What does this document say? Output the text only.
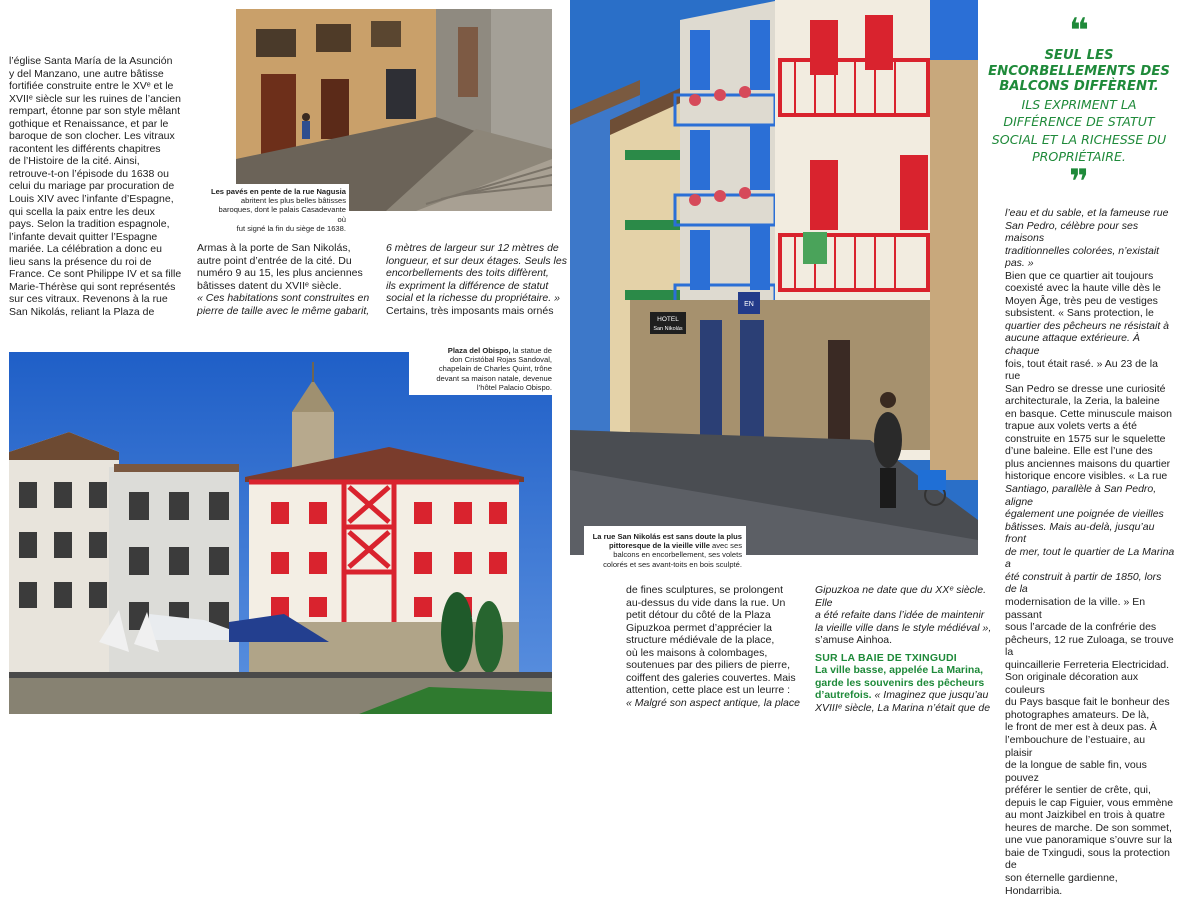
Les pavés en pente de la rue Nagusia
abritent les plus belles bâtisses
baroques, dont le palais Casadevante où
fut signé la fin du siège de 1638.

l’église Santa María de la Asunción

y del Manzano, une autre bâtisse

fortifiée construite entre le XVᵉ et le

XVIIᵉ siècle sur les ruines de l’ancien

rempart, étonne par son style mêlant

gothique et Renaissance, et par le

baroque de son clocher. Les vitraux

racontent les différents chapitres

de l’Histoire de la cité. Ainsi,

retrouve-t-on l’épisode du 1638 ou

celui du mariage par procuration de

Louis XIV avec l’infante d’Espagne,

qui scella la paix entre les deux

pays. Selon la tradition espagnole,

l’infante devait quitter l’Espagne

mariée. La célébration a donc eu

lieu sans la présence du roi de

France. Ce sont Philippe IV et sa fille

Marie-Thérèse qui sont représentés

sur ces vitraux. Revenons à la rue

San Nikolás, reliant la Plaza de

Armas à la porte de San Nikolás,

autre point d’entrée de la cité. Du

numéro 9 au 15, les plus anciennes

bâtisses datent du XVIIᵉ siècle.

« Ces habitations sont construites en

pierre de taille avec le même gabarit,

6 mètres de largeur sur 12 mètres de

longueur, et sur deux étages. Seuls les

encorbellements des toits diffèrent,

ils expriment la différence de statut

social et la richesse du propriétaire. »

Certains, très imposants mais ornés

Plaza del Obispo, la statue de
don Cristóbal Rojas Sandoval,
chapelain de Charles Quint, trône
devant sa maison natale, devenue
l’hôtel Palacio Obispo.
HOTEL
San Nikolás
EN
La rue San Nikolás est sans doute la plus
pittoresque de la vieille ville avec ses
balcons en encorbellement, ses volets
colorés et ses avant-toits en bois sculpté.

de fines sculptures, se prolongent

au-dessus du vide dans la rue. Un

petit détour du côté de la Plaza

Gipuzkoa permet d’apprécier la

structure médiévale de la place,

où les maisons à colombages,

soutenues par des piliers de pierre,

coiffent des galeries couvertes. Mais

attention, cette place est un leurre :

« Malgré son aspect antique, la place

Gipuzkoa ne date que du XXᵉ siècle. Elle

a été refaite dans l’idée de maintenir

la vieille ville dans le style médiéval »,

s’amuse Ainhoa.

SUR LA BAIE DE TXINGUDI

La ville basse, appelée La Marina,

garde les souvenirs des pêcheurs

d’autrefois. « Imaginez que jusqu’au

XVIIIᵉ siècle, La Marina n’était que de

❝
SEUL LES
ENCORBELLEMENTS DES
BALCONS DIFFÈRENT.
ILS EXPRIMENT LA
DIFFÉRENCE DE STATUT
SOCIAL ET LA RICHESSE DU
PROPRIÉTAIRE.
❞

l’eau et du sable, et la fameuse rue

San Pedro, célèbre pour ses maisons

traditionnelles colorées, n’existait pas. »

Bien que ce quartier ait toujours

coexisté avec la haute ville dès le

Moyen Âge, très peu de vestiges

subsistent. « Sans protection, le

quartier des pêcheurs ne résistait à

aucune attaque extérieure. À chaque

fois, tout était rasé. » Au 23 de la rue

San Pedro se dresse une curiosité

architecturale, la Zeria, la baleine

en basque. Cette minuscule maison

trapue aux volets verts a été

construite en 1575 sur le squelette

d’une baleine. Elle est l’une des

plus anciennes maisons du quartier

historique encore visibles. « La rue

Santiago, parallèle à San Pedro, aligne

également une poignée de vieilles

bâtisses. Mais au-delà, jusqu’au front

de mer, tout le quartier de La Marina a

été construit à partir de 1850, lors de la

modernisation de la ville. » En passant

sous l’arcade de la confrérie des

pêcheurs, 12 rue Zuloaga, se trouve la

quincaillerie Ferreteria Electricidad.

Son originale décoration aux couleurs

du Pays basque fait le bonheur des

photographes amateurs. De là,

le front de mer est à deux pas. À

l’embouchure de l’estuaire, au plaisir

de la longue de sable fin, vous pouvez

préférer le sentier de crête, qui,

depuis le cap Figuier, vous emmène

au mont Jaizkibel en trois à quatre

heures de marche. De son sommet,

une vue panoramique s’ouvre sur la

baie de Txingudi, sous la protection de

son éternelle gardienne, Hondarribia.
